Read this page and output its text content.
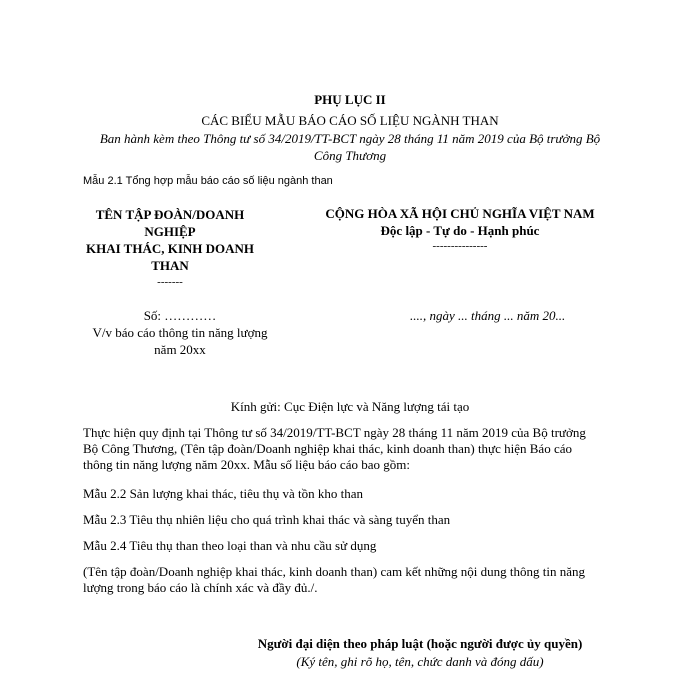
PHỤ LỤC II
CÁC BIỂU MẪU BÁO CÁO SỐ LIỆU NGÀNH THAN
Ban hành kèm theo Thông tư số 34/2019/TT-BCT ngày 28 tháng 11 năm 2019 của Bộ trưởng Bộ
Công Thương
Mẫu 2.1 Tổng hợp mẫu báo cáo số liệu ngành than
TÊN TẬP ĐOÀN/DOANH
NGHIỆP
KHAI THÁC, KINH DOANH
THAN
-------
CỘNG HÒA XÃ HỘI CHỦ NGHĨA VIỆT NAM
Độc lập - Tự do - Hạnh phúc
---------------
Số: …………
V/v báo cáo thông tin năng lượng
năm 20xx
...., ngày ... tháng ... năm 20...
Kính gửi: Cục Điện lực và Năng lượng tái tạo

Thực hiện quy định tại Thông tư số 34/2019/TT-BCT ngày 28 tháng 11 năm 2019 của Bộ trưởng
Bộ Công Thương, (Tên tập đoàn/Doanh nghiệp khai thác, kinh doanh than) thực hiện Báo cáo
thông tin năng lượng năm 20xx. Mẫu số liệu báo cáo bao gồm:

Mẫu 2.2 Sản lượng khai thác, tiêu thụ và tồn kho than

Mẫu 2.3 Tiêu thụ nhiên liệu cho quá trình khai thác và sàng tuyển than

Mẫu 2.4 Tiêu thụ than theo loại than và nhu cầu sử dụng

(Tên tập đoàn/Doanh nghiệp khai thác, kinh doanh than) cam kết những nội dung thông tin năng
lượng trong báo cáo là chính xác và đầy đủ./.

Người đại diện theo pháp luật (hoặc người được ủy quyền)
(Ký tên, ghi rõ họ, tên, chức danh và đóng dấu)
